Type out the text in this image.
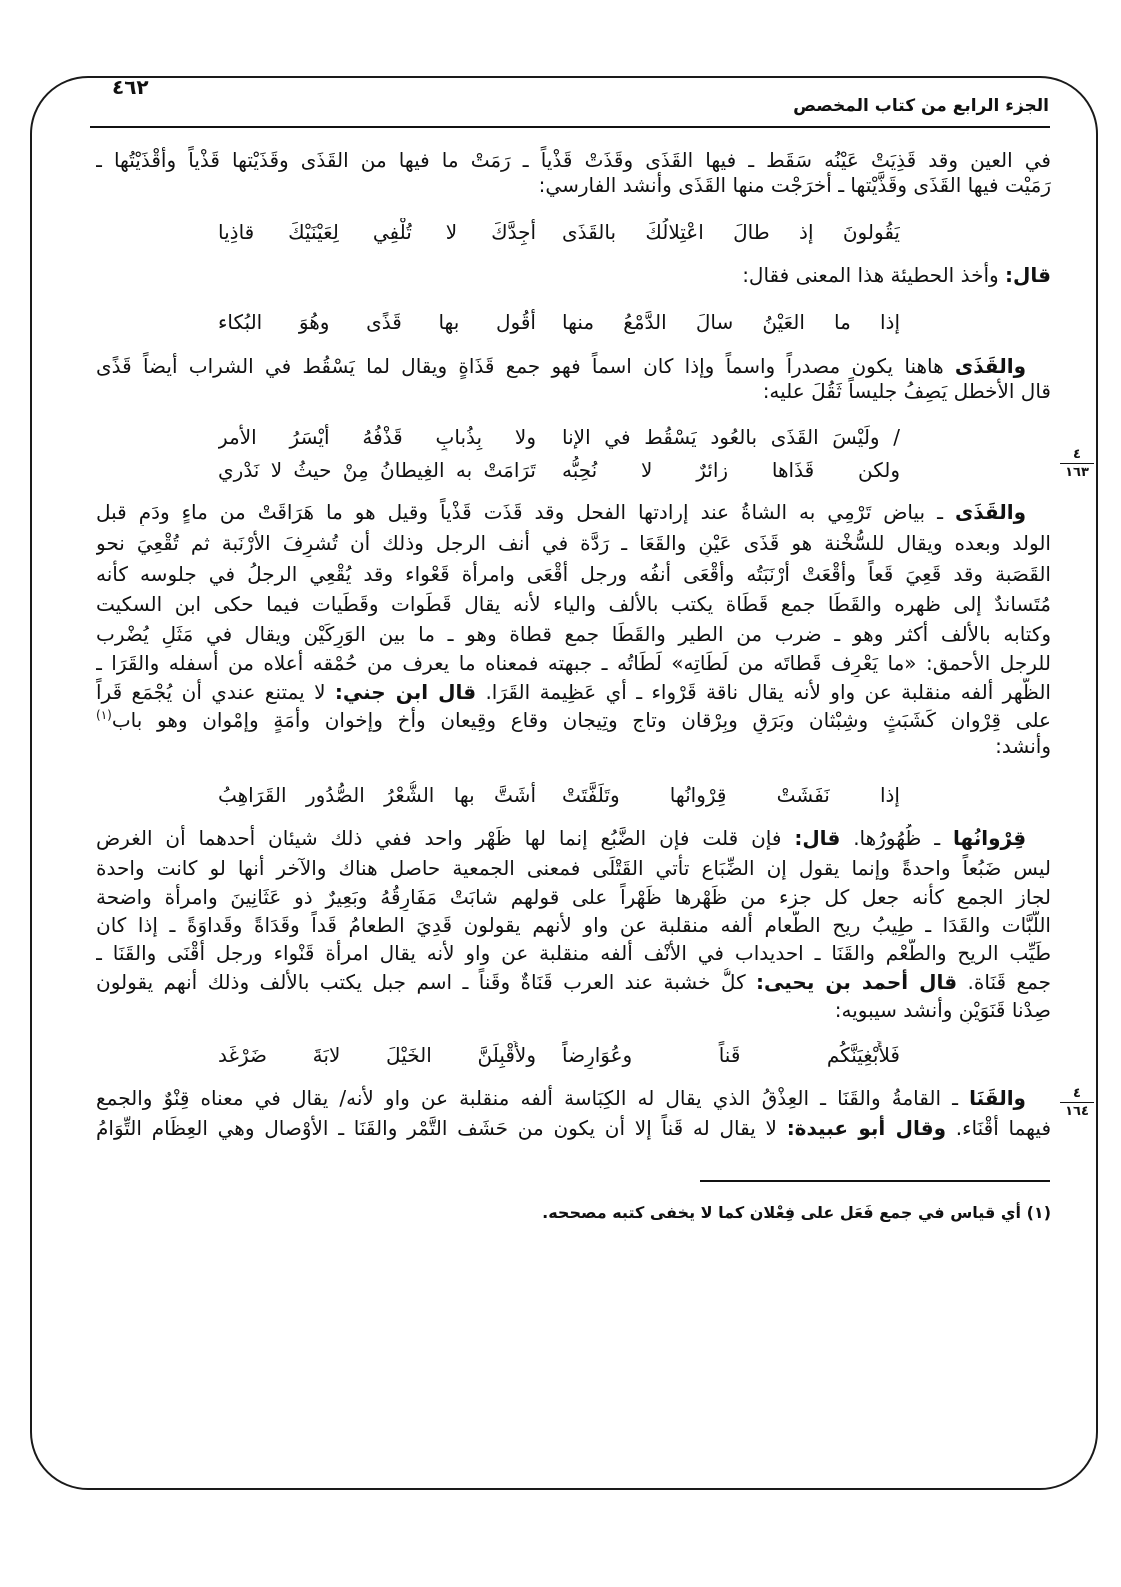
٤٦٢
الجزء الرابع من كتاب المخصص
٤
١٦٣
٤
١٦٤
في العين وقد قَذِيَتْ عَيْنُه سَقَط ـ فيها القَذَى وقَذَتْ قَذْياً ـ رَمَتْ ما فيها من القَذَى وقَذَيْتها قَذْياً وأقْذَيْتُها ـ
رَمَيْت فيها القَذَى وقَذَّيْتها ـ أخرَجْت منها القَذَى وأنشد الفارسي:
يَقُولونَ إذ طالَ اعْتِلالُكَ بالقَذَى
أجِدَّكَ لا تُلْفِي لِعَيْنَيْكَ قاذِيا
قال: وأخذ الحطيئة هذا المعنى فقال:
إذا ما العَيْنُ سالَ الدَّمْعُ منها
أقُول بها قَذًى وهُوَ البُكاء
والقَذَى هاهنا يكون مصدراً واسماً وإذا كان اسماً فهو جمع قَذَاةٍ ويقال لما يَسْقُط في الشراب أيضاً قَذًى
قال الأخطل يَصِفُ جليساً ثَقُلَ عليه:
/ ولَيْسَ القَذَى بالعُود يَسْقُط في الإنا
ولا بِذُبابٍ قَذْفُهُ أيْسَرُ الأمر
ولكن قَذَاها زائرٌ لا نُحِبُّه
تَرَامَتْ به الغِيطانُ مِنْ حيثُ لا نَدْري
والقَذَى ـ بياض تَرْمِي به الشاةُ عند إرادتها الفحل وقد قَذَت قَذْياً وقيل هو ما هَرَاقَتْ من ماءٍ ودَمٍ قبل
الولد وبعده ويقال للسُّخْنة هو قَذَى عَيْنٍ والقَعَا ـ رَدَّة في أنف الرجل وذلك أن تُشرِفَ الأرْنَبة ثم تُقْعِيَ نحو
القَصَبة وقد قَعِيَ قَعاً وأقْعَتْ أرْنَبَتُه وأقْعَى أنفُه ورجل أقْعَى وامرأة قَعْواء وقد يُقْعِي الرجلُ في جلوسه كأنه
مُتَساندٌ إلى ظهره والقَطَا جمع قَطَاة يكتب بالألف والياء لأنه يقال قَطَوات وقَطَيات فيما حكى ابن السكيت
وكتابه بالألف أكثر وهو ـ ضرب من الطير والقَطَا جمع قطاة وهو ـ ما بين الوَرِكَيْن ويقال في مَثَلٍ يُضْرب
للرجل الأحمق: «ما يَعْرِف قَطاتَه من لَطَاتِه» لَطَاتُه ـ جبهته فمعناه ما يعرف من حُمْقه أعلاه من أسفله والقَرَا ـ
الظَّهر ألفه منقلبة عن واو لأنه يقال ناقة قَرْواء ـ أي عَظِيمة القَرَا. قال ابن جني: لا يمتنع عندي أن يُجْمَع قَراً
على قِرْوان كَشَبَثٍ وشِبْثان وبَرَقٍ وبِرْقان وتاج وتِيجان وقاع وقِيعان وأخ وإخوان وأَمَةٍ وإمْوان وهو باب$^{(١)}$
وأنشد:
إذا نَفَشَتْ قِرْوانُها وتَلَفَّتَتْ
أشَتَّ بها الشُّعْرُ الصُّدُور القَرَاهِبُ
قِرْوانُها ـ ظُهُورُها. قال: فإن قلت فإن الضَّبُع إنما لها ظَهْر واحد ففي ذلك شيئان أحدهما أن الغرض
ليس ضَبُعاً واحدةً وإنما يقول إن الضِّبَاع تأتي القَتْلَى فمعنى الجمعية حاصل هناك والآخر أنها لو كانت واحدة
لجاز الجمع كأنه جعل كل جزء من ظَهْرها ظَهْراً على قولهم شابَتْ مَفَارِقُهُ وبَعِيرٌ ذو عَثَانِينَ وامرأة واضحة
اللَّبَّات والقَدَا ـ طِيبُ ريح الطَّعام ألفه منقلبة عن واو لأنهم يقولون قَدِيَ الطعامُ قَداً وقَدَاةً وقَداوَةً ـ إذا كان
طَيِّب الريح والطَّعْم والقَنَا ـ احديداب في الأنْف ألفه منقلبة عن واو لأنه يقال امرأة قَنْواء ورجل أقْنَى والقَنَا ـ
جمع قَنَاة. قال أحمد بن يحيى: كلُّ خشبة عند العرب قَنَاةٌ وقَناً ـ اسم جبل يكتب بالألف وذلك أنهم يقولون
صِدْنا قَنَوَيْنِ وأنشد سيبويه:
فَلأَبْغِيَنَّكُم قَناً وعُوَارِضاً
ولأُقْبِلَنَّ الخَيْلَ لابَةَ ضَرْغَد
والقَنَا ـ القامةُ والقَنَا ـ العِذْقُ الذي يقال له الكِبَاسة ألفه منقلبة عن واو لأنه/ يقال في معناه قِنْوٌ والجمع
فيهما أقْنَاء. وقال أبو عبيدة: لا يقال له قَناً إلا أن يكون من حَشَف التَّمْر والقَنَا ـ الأوْصال وهي العِظَام التِّوَامُ
(١) أي قياس في جمع فَعَل على فِعْلان كما لا يخفى كتبه مصححه.
